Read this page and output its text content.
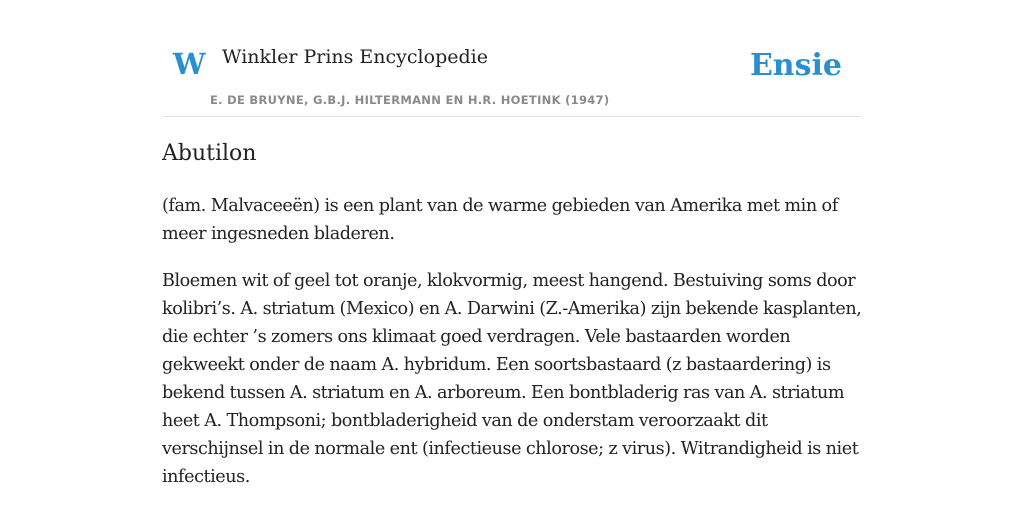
W Winkler Prins Encyclopedie
E. DE BRUYNE, G.B.J. HILTERMANN EN H.R. HOETINK (1947)
Ensie
Abutilon

(fam. Malvaceeën) is een plant van de warme gebieden van Amerika met min of meer ingesneden bladeren.

Bloemen wit of geel tot oranje, klokvormig, meest hangend. Bestuiving soms door kolibri’s. A. striatum (Mexico) en A. Darwini (Z.-Amerika) zijn bekende kasplanten, die echter ’s zomers ons klimaat goed verdragen. Vele bastaarden worden gekweekt onder de naam A. hybridum. Een soortsbastaard (z bastaardering) is bekend tussen A. striatum en A. arboreum. Een bontbladerig ras van A. striatum heet A. Thompsoni; bontbladerigheid van de onderstam veroorzaakt dit verschijnsel in de normale ent (infectieuse chlorose; z virus). Witrandigheid is niet infectieus.
